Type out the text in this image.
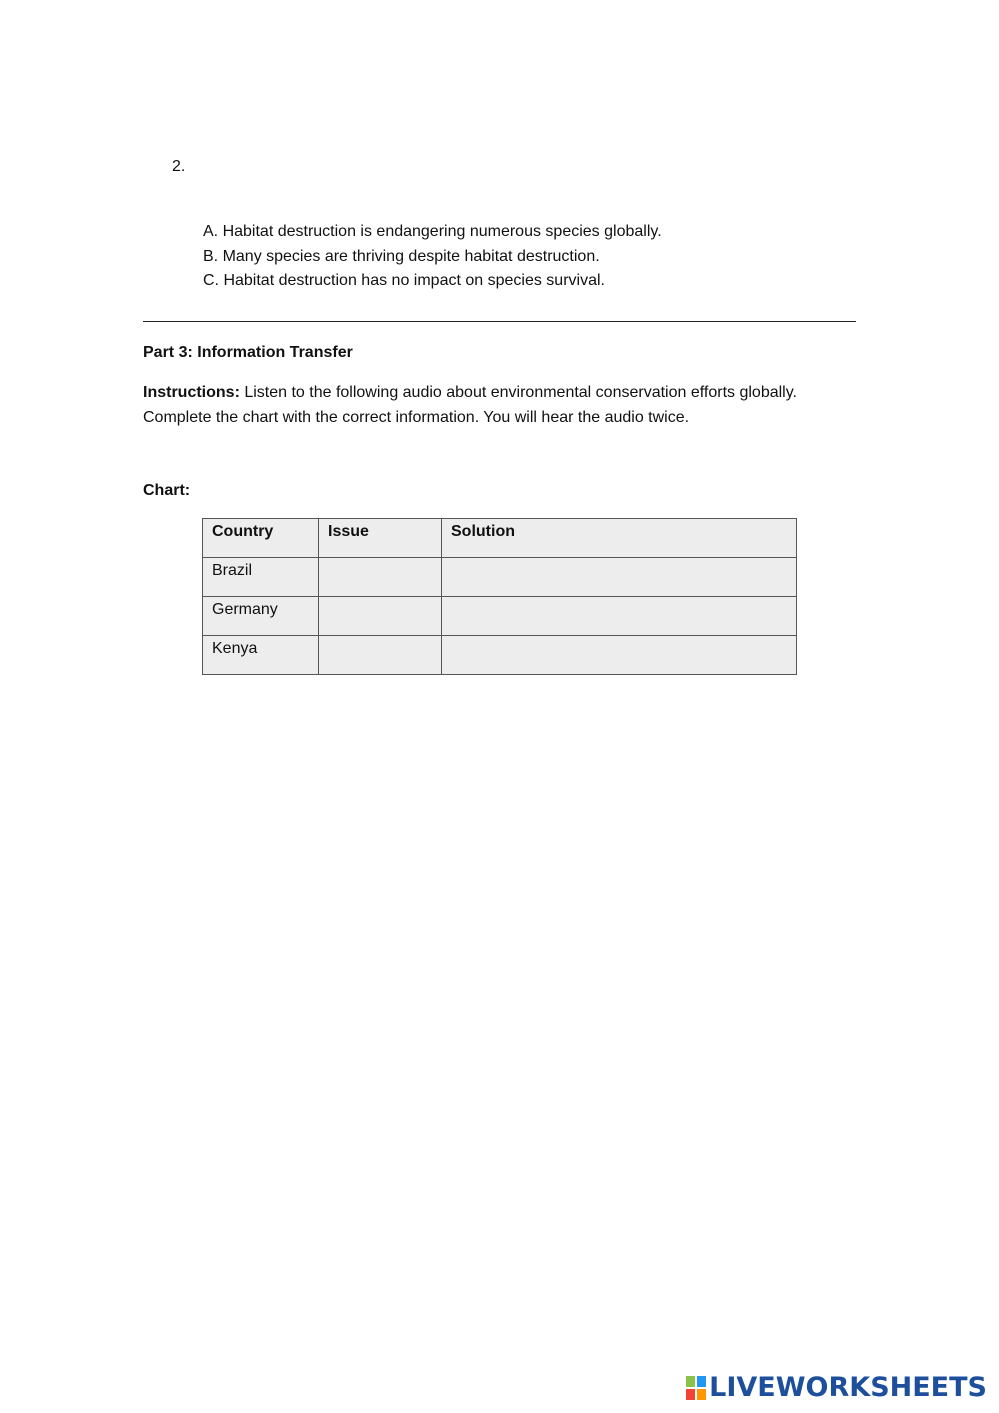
2.
A. Habitat destruction is endangering numerous species globally.
B. Many species are thriving despite habitat destruction.
C. Habitat destruction has no impact on species survival.
Part 3: Information Transfer
Instructions: Listen to the following audio about environmental conservation efforts globally. Complete the chart with the correct information. You will hear the audio twice.
Chart:
Country	Issue	Solution
Brazil		
Germany		
Kenya		
LIVEWORKSHEETS
